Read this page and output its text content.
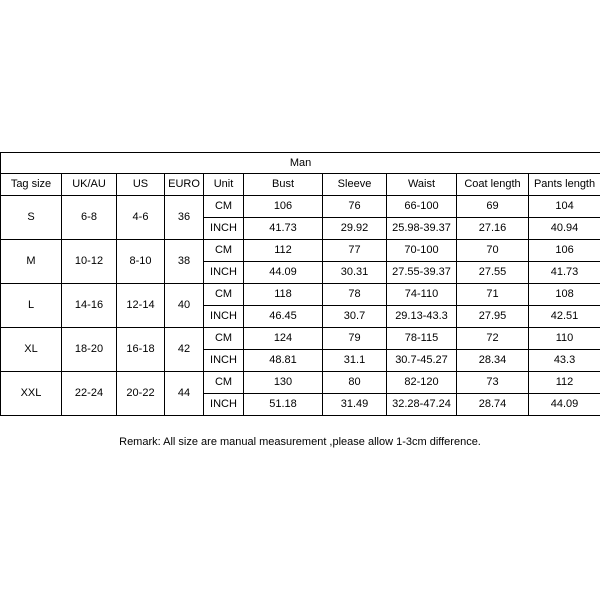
Man									
Tag size	UK/AU	US	EURO	Unit	Bust	Sleeve	Waist	Coat length	Pants length
S	6-8	4-6	36	CM	106	76	66-100	69	104
				INCH	41.73	29.92	25.98-39.37	27.16	40.94
M	10-12	8-10	38	CM	112	77	70-100	70	106
				INCH	44.09	30.31	27.55-39.37	27.55	41.73
L	14-16	12-14	40	CM	118	78	74-110	71	108
				INCH	46.45	30.7	29.13-43.3	27.95	42.51
XL	18-20	16-18	42	CM	124	79	78-115	72	110
				INCH	48.81	31.1	30.7-45.27	28.34	43.3
XXL	22-24	20-22	44	CM	130	80	82-120	73	112
				INCH	51.18	31.49	32.28-47.24	28.74	44.09
Remark: All size are manual measurement ,please allow 1-3cm difference.
